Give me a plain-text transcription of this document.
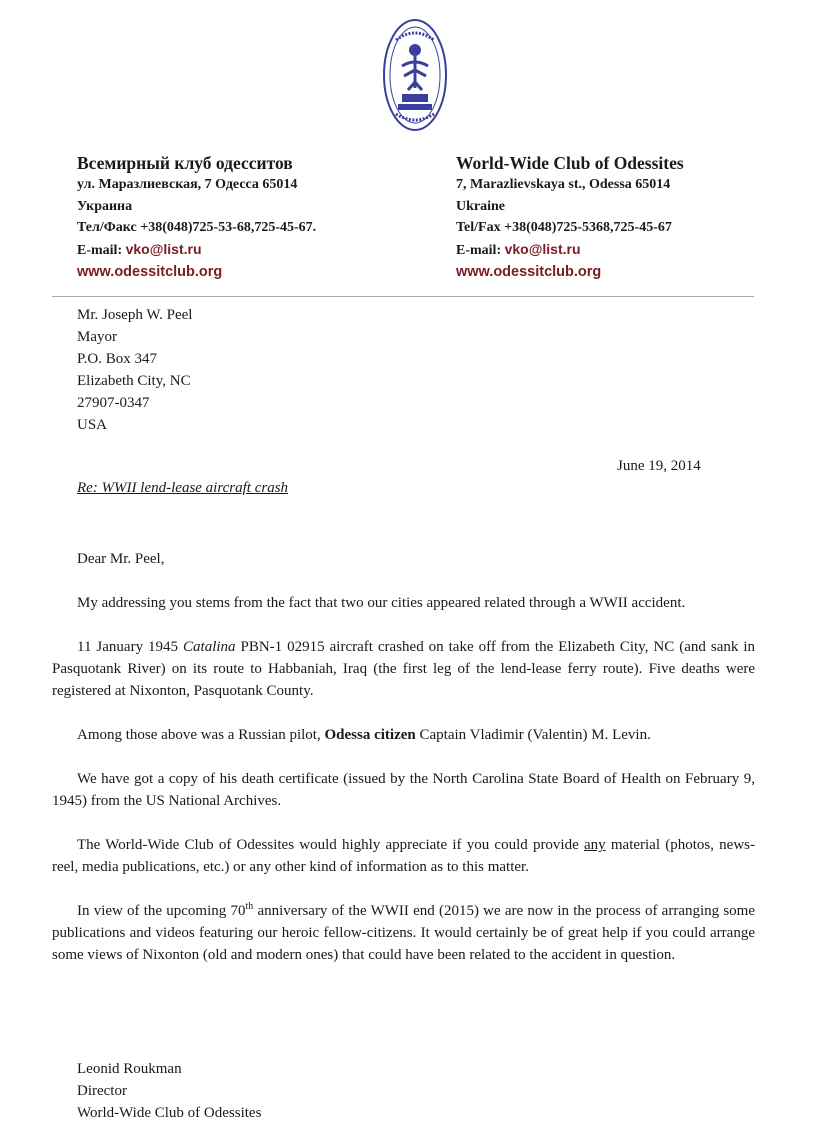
Всемирный клуб одесситов
ул. Маразлиевская, 7 Одесса 65014
Украина
Тел/Факс +38(048)725-53-68,725-45-67.
E-mail: vko@list.ru
www.odessitclub.org
World-Wide Club of Odessites
7, Marazlievskaya st., Odessa 65014
Ukraine
Tel/Fax +38(048)725-5368,725-45-67
E-mail: vko@list.ru
www.odessitclub.org
Mr. Joseph W. Peel
Mayor
P.O. Box 347
Elizabeth City, NC
27907-0347
USA
June 19, 2014
Re: WWII lend-lease aircraft crash

Dear Mr. Peel,

My addressing you stems from the fact that two our cities appeared related through a WWII accident.

11 January 1945 Catalina PBN-1 02915 aircraft crashed on take off from the Elizabeth City, NC (and sank in Pasquotank River) on its route to Habbaniah, Iraq (the first leg of the lend-lease ferry route). Five deaths were registered at Nixonton, Pasquotank County.

Among those above was a Russian pilot, Odessa citizen Captain Vladimir (Valentin) M. Levin.

We have got a copy of his death certificate (issued by the North Carolina State Board of Health on February 9, 1945) from the US National Archives.

The World-Wide Club of Odessites would highly appreciate if you could provide any material (photos, news-reel, media publications, etc.) or any other kind of information as to this matter.

In view of the upcoming 70th anniversary of the WWII end (2015) we are now in the process of arranging some publications and videos featuring our heroic fellow-citizens. It would certainly be of great help if you could arrange some views of Nixonton (old and modern ones) that could have been related to the accident in question.

Leonid Roukman
Director
World-Wide Club of Odessites
